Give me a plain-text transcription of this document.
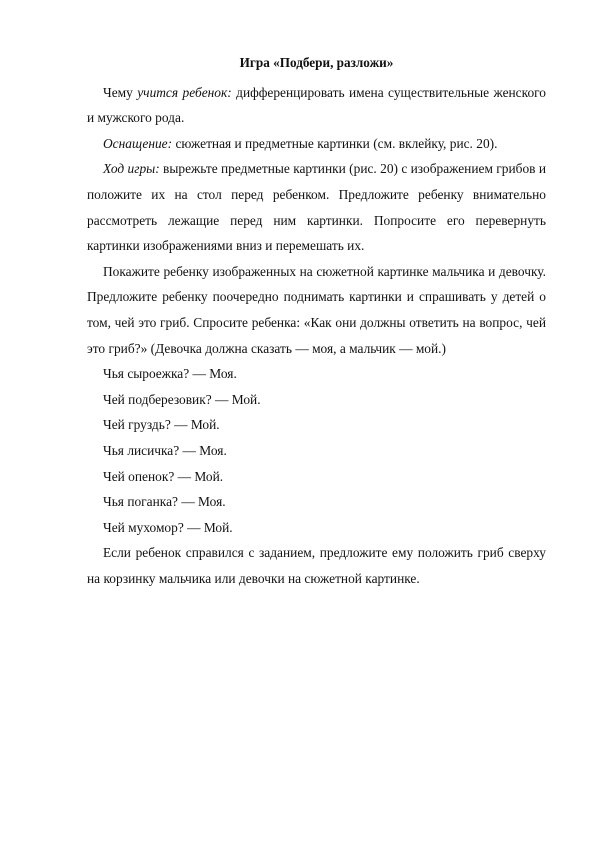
Игра «Подбери, разложи»

Чему учится ребенок: дифференцировать имена существительные женского и мужского рода.

Оснащение: сюжетная и предметные картинки (см. вклейку, рис. 20).

Ход игры: вырежьте предметные картинки (рис. 20) с изображением грибов и положите их на стол перед ребенком. Предложите ребенку внимательно рассмотреть лежащие перед ним картинки. Попросите его перевернуть картинки изображениями вниз и перемешать их.

Покажите ребенку изображенных на сюжетной картинке мальчика и девочку. Предложите ребенку поочередно поднимать картинки и спрашивать у детей о том, чей это гриб. Спросите ребенка: «Как они должны ответить на вопрос, чей это гриб?» (Девочка должна сказать — моя, а мальчик — мой.)

Чья сыроежка? — Моя.

Чей подберезовик? — Мой.

Чей груздь? — Мой.

Чья лисичка? — Моя.

Чей опенок? — Мой.

Чья поганка? — Моя.

Чей мухомор? — Мой.

Если ребенок справился с заданием, предложите ему положить гриб сверху на корзинку мальчика или девочки на сюжетной картинке.
